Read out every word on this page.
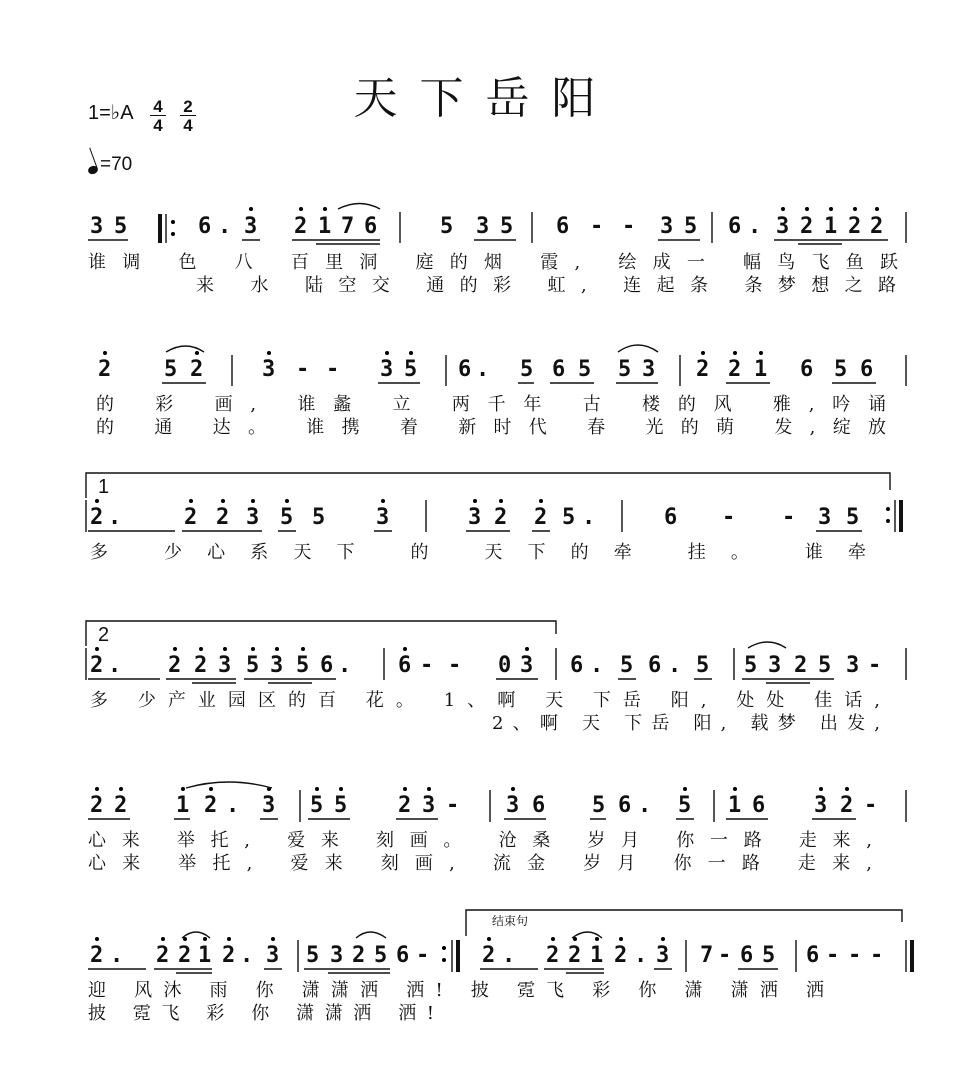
天下岳阳
1=♭A 4
4
2
4
=70
3 5	6 . 3 2 1 7 6	5 3 5 6 - - 3 5 6 . 3 2 1 2 2
谁调 色 八 百里洞 庭的烟 霞, 绘成一 幅鸟飞鱼跃
来 水 陆空交 通的彩 虹, 连起条 条梦想之路
2 5 2	3 - - 3 5 6 . 5 6 5 5 3 2 2 1 6 5 6
的 彩 画, 谁蠡 立 两千年 古 楼的风 雅,吟诵
的 通 达。 谁携 着 新时代 春 光的萌 发,绽放
1
2 .	2 2 3 5 5 3	3 2 2 5 .	6 - - 3 5
多 少心系天下 的 天下的牵 挂。 谁牵
2
2 . 2 2 3 5 3 5 6 . 6 - - 0 3 6 . 5 6 . 5 5 3 2 5 3 -
多 少产业园区的百 花。 1、啊 天 下岳 阳, 处处 佳话,
2、啊 天 下岳 阳, 载梦 出发,
2 2 1 2 . 3 5 5 2 3 - 3 6 5 6 . 5 1 6 3 2 -
心来 举托, 爱来 刻画。 沧桑 岁月 你一路 走来,
心来 举托, 爱来 刻画, 流金 岁月 你一路 走来,
结束句
2 . 2 2 1 2 . 3 5 3 2 5 6 - 2 . 2 2 1 2 . 3 7 - 6 5 6 - - -
迎 风沐 雨 你 潇潇洒 洒! 披 霓飞 彩 你 潇 潇洒 洒
披 霓飞 彩 你 潇潇洒 洒!
